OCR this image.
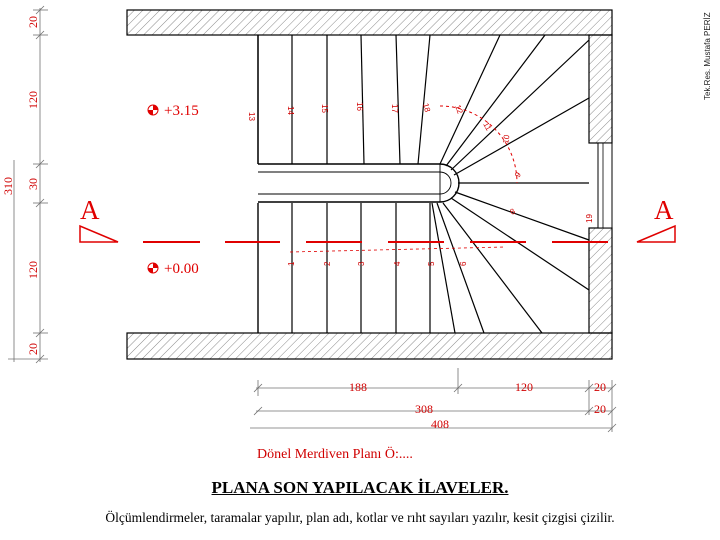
A	A
+3.15
+0.00	1	2	3	4	5	6
13
14	15	16	17	18
8
9
10
11
12
19
20
120
30
120
20
310
188	120	20
308	20
408
Dönel Merdiven Planı Ö:....
Tek.Res. Mustafa PERİZ
PLANA SON YAPILACAK İLAVELER.
Ölçümlendirmeler, taramalar yapılır, plan adı, kotlar ve rıht sayıları yazılır, kesit çizgisi çizilir.
